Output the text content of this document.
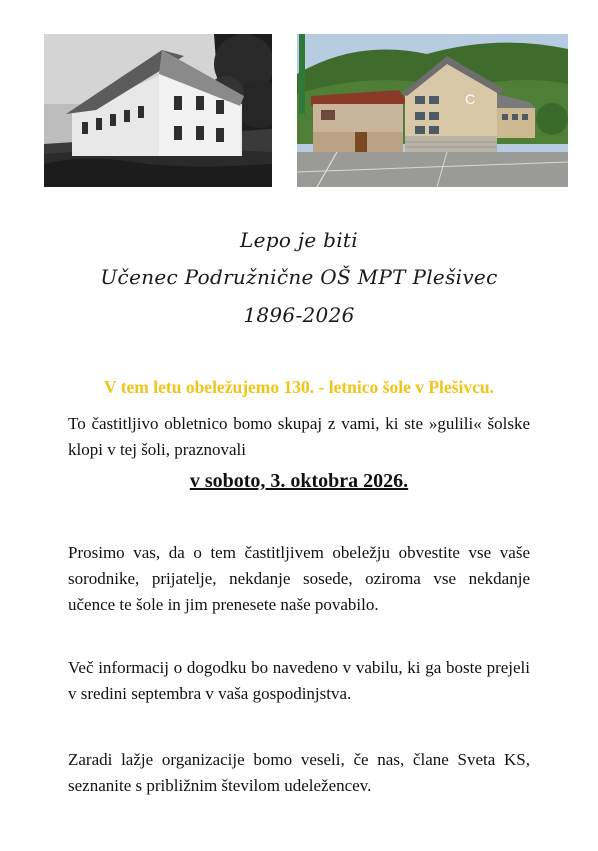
C
Lepo je biti
Učenec Podružnične OŠ MPT Plešivec
1896-2026
V tem letu obeležujemo 130. - letnico šole v Plešivcu.
To častitljivo obletnico bomo skupaj z vami, ki ste »gulili« šolske klopi v tej šoli, praznovali
v soboto, 3. oktobra 2026.
Prosimo vas, da o tem častitljivem obeležju obvestite vse vaše sorodnike, prijatelje, nekdanje sosede, oziroma vse nekdanje učence te šole in jim prenesete naše povabilo.
Več informacij o dogodku bo navedeno v vabilu, ki ga boste prejeli v sredini septembra v vaša gospodinjstva.
Zaradi lažje organizacije bomo veseli, če nas, člane Sveta KS, seznanite s približnim številom udeležencev.
